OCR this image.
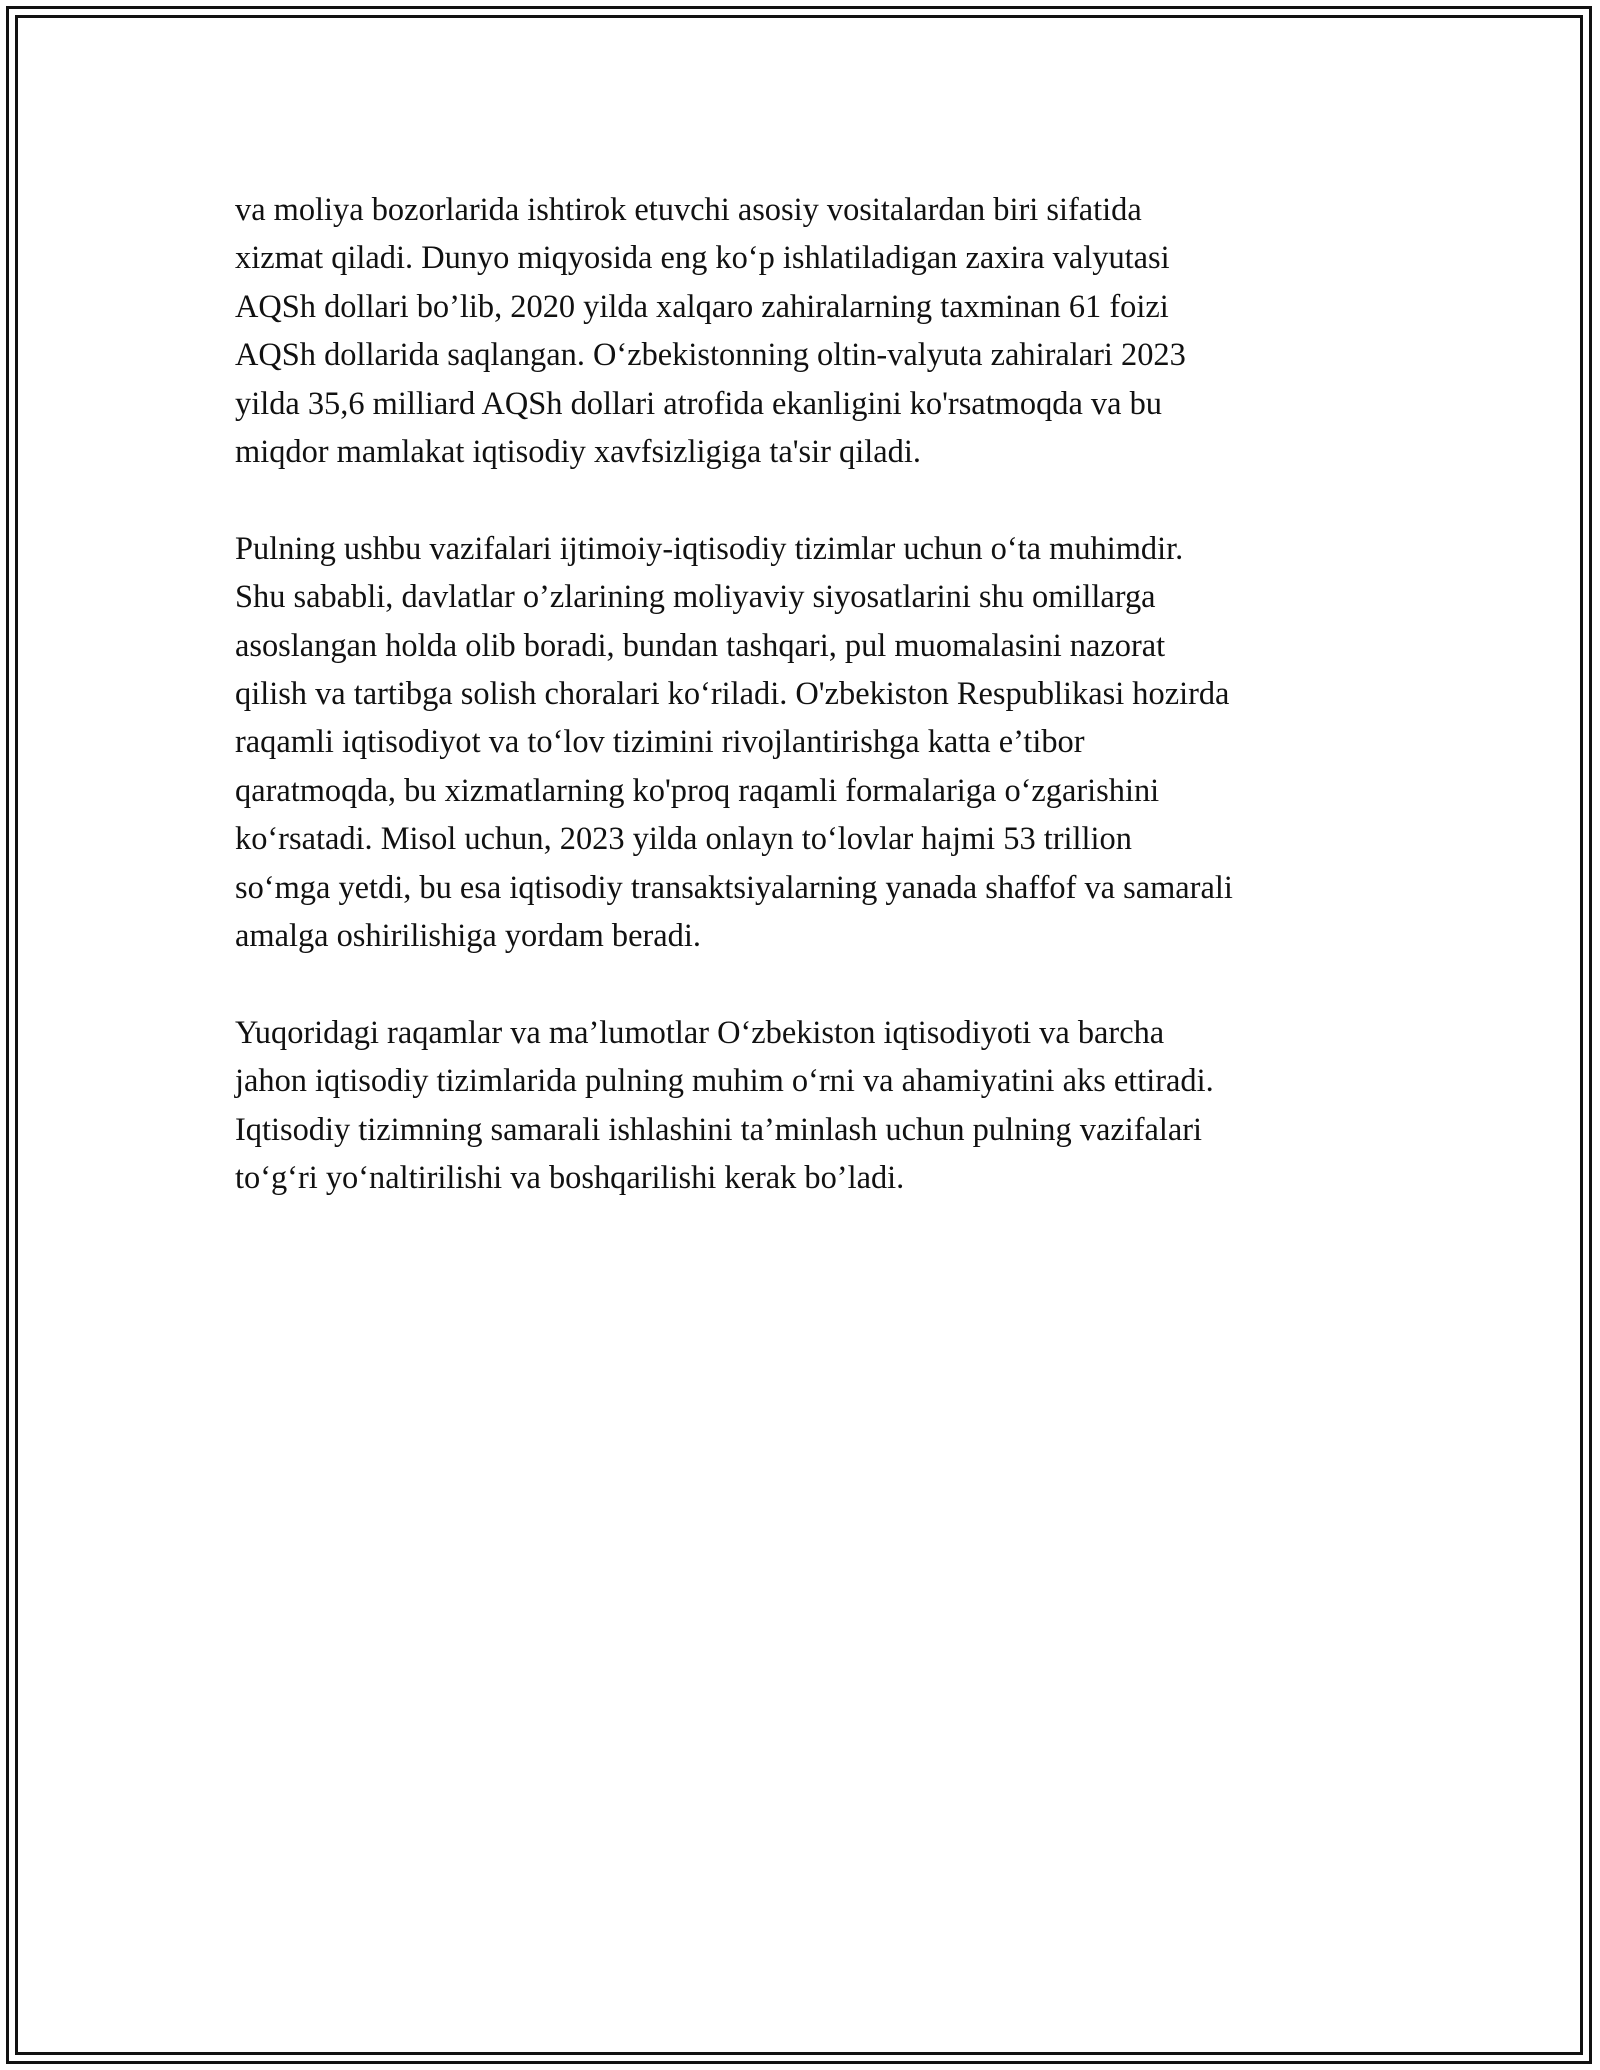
va moliya bozorlarida ishtirok etuvchi asosiy vositalardan biri sifatida
xizmat qiladi. Dunyo miqyosida eng ko‘p ishlatiladigan zaxira valyutasi
AQSh dollari bo’lib, 2020 yilda xalqaro zahiralarning taxminan 61 foizi
AQSh dollarida saqlangan. O‘zbekistonning oltin-valyuta zahiralari 2023
yilda 35,6 milliard AQSh dollari atrofida ekanligini ko'rsatmoqda va bu
miqdor mamlakat iqtisodiy xavfsizligiga ta'sir qiladi.

Pulning ushbu vazifalari ijtimoiy-iqtisodiy tizimlar uchun o‘ta muhimdir.
Shu sababli, davlatlar o’zlarining moliyaviy siyosatlarini shu omillarga
asoslangan holda olib boradi, bundan tashqari, pul muomalasini nazorat
qilish va tartibga solish choralari ko‘riladi. O'zbekiston Respublikasi hozirda
raqamli iqtisodiyot va to‘lov tizimini rivojlantirishga katta e’tibor
qaratmoqda, bu xizmatlarning ko'proq raqamli formalariga o‘zgarishini
ko‘rsatadi. Misol uchun, 2023 yilda onlayn to‘lovlar hajmi 53 trillion
so‘mga yetdi, bu esa iqtisodiy transaktsiyalarning yanada shaffof va samarali
amalga oshirilishiga yordam beradi.

Yuqoridagi raqamlar va ma’lumotlar O‘zbekiston iqtisodiyoti va barcha
jahon iqtisodiy tizimlarida pulning muhim o‘rni va ahamiyatini aks ettiradi.
Iqtisodiy tizimning samarali ishlashini ta’minlash uchun pulning vazifalari
to‘g‘ri yo‘naltirilishi va boshqarilishi kerak bo’ladi.
